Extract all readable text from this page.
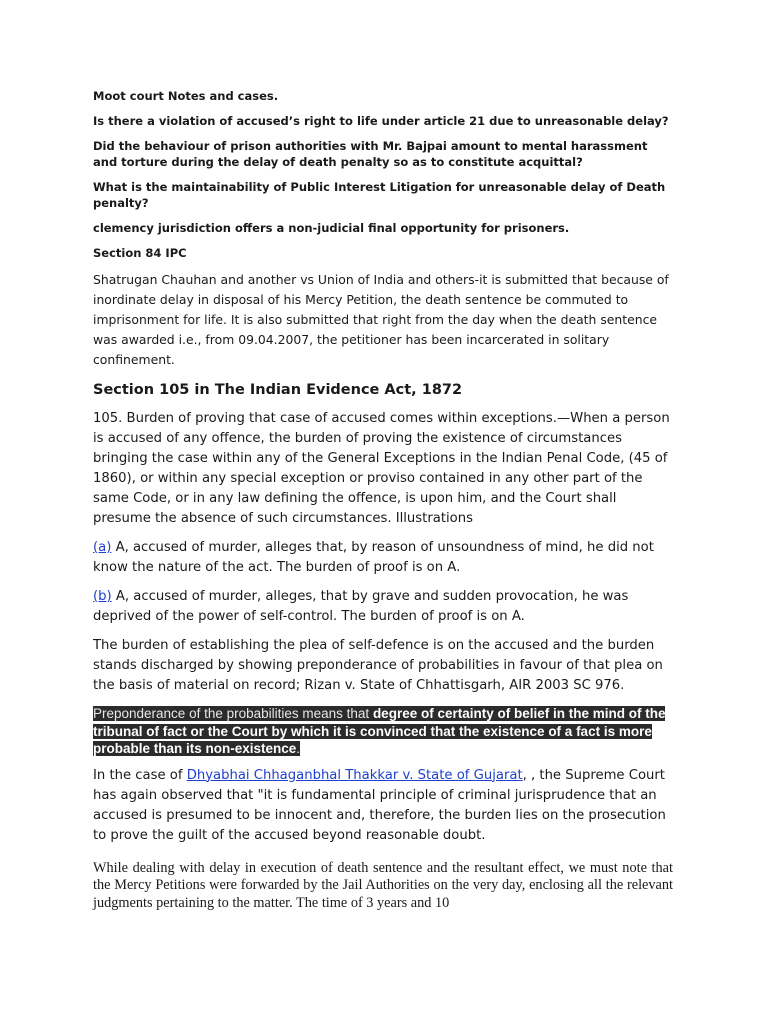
Moot court Notes and cases.

Is there a violation of accused’s right to life under article 21 due to unreasonable delay?

Did the behaviour of prison authorities with Mr. Bajpai amount to mental harassment and torture during the delay of death penalty so as to constitute acquittal?

What is the maintainability of Public Interest Litigation for unreasonable delay of Death penalty?

clemency jurisdiction offers a non-judicial final opportunity for prisoners.

Section 84 IPC

Shatrugan Chauhan and another vs Union of India and others-it is submitted that because of inordinate delay in disposal of his Mercy Petition, the death sentence be commuted to imprisonment for life. It is also submitted that right from the day when the death sentence was awarded i.e., from 09.04.2007, the petitioner has been incarcerated in solitary confinement.

Section 105 in The Indian Evidence Act, 1872

105. Burden of proving that case of accused comes within exceptions.—When a person is accused of any offence, the burden of proving the existence of circumstances bringing the case within any of the General Exceptions in the Indian Penal Code, (45 of 1860), or within any special exception or proviso contained in any other part of the same Code, or in any law defining the offence, is upon him, and the Court shall presume the absence of such circumstances. Illustrations

(a) A, accused of murder, alleges that, by reason of unsoundness of mind, he did not know the nature of the act. The burden of proof is on A.

(b) A, accused of murder, alleges, that by grave and sudden provocation, he was deprived of the power of self-control. The burden of proof is on A.

The burden of establishing the plea of self-defence is on the accused and the burden stands discharged by showing preponderance of probabilities in favour of that plea on the basis of material on record; Rizan v. State of Chhattisgarh, AIR 2003 SC 976.

Preponderance of the probabilities means that degree of certainty of belief in the mind of the tribunal of fact or the Court by which it is convinced that the existence of a fact is more probable than its non-existence.

In the case of Dhyabhai Chhaganbhal Thakkar v. State of Gujarat, , the Supreme Court has again observed that "it is fundamental principle of criminal jurisprudence that an accused is presumed to be innocent and, therefore, the burden lies on the prosecution to prove the guilt of the accused beyond reasonable doubt.

While dealing with delay in execution of death sentence and the resultant effect, we must note that the Mercy Petitions were forwarded by the Jail Authorities on the very day, enclosing all the relevant judgments pertaining to the matter. The time of 3 years and 10
